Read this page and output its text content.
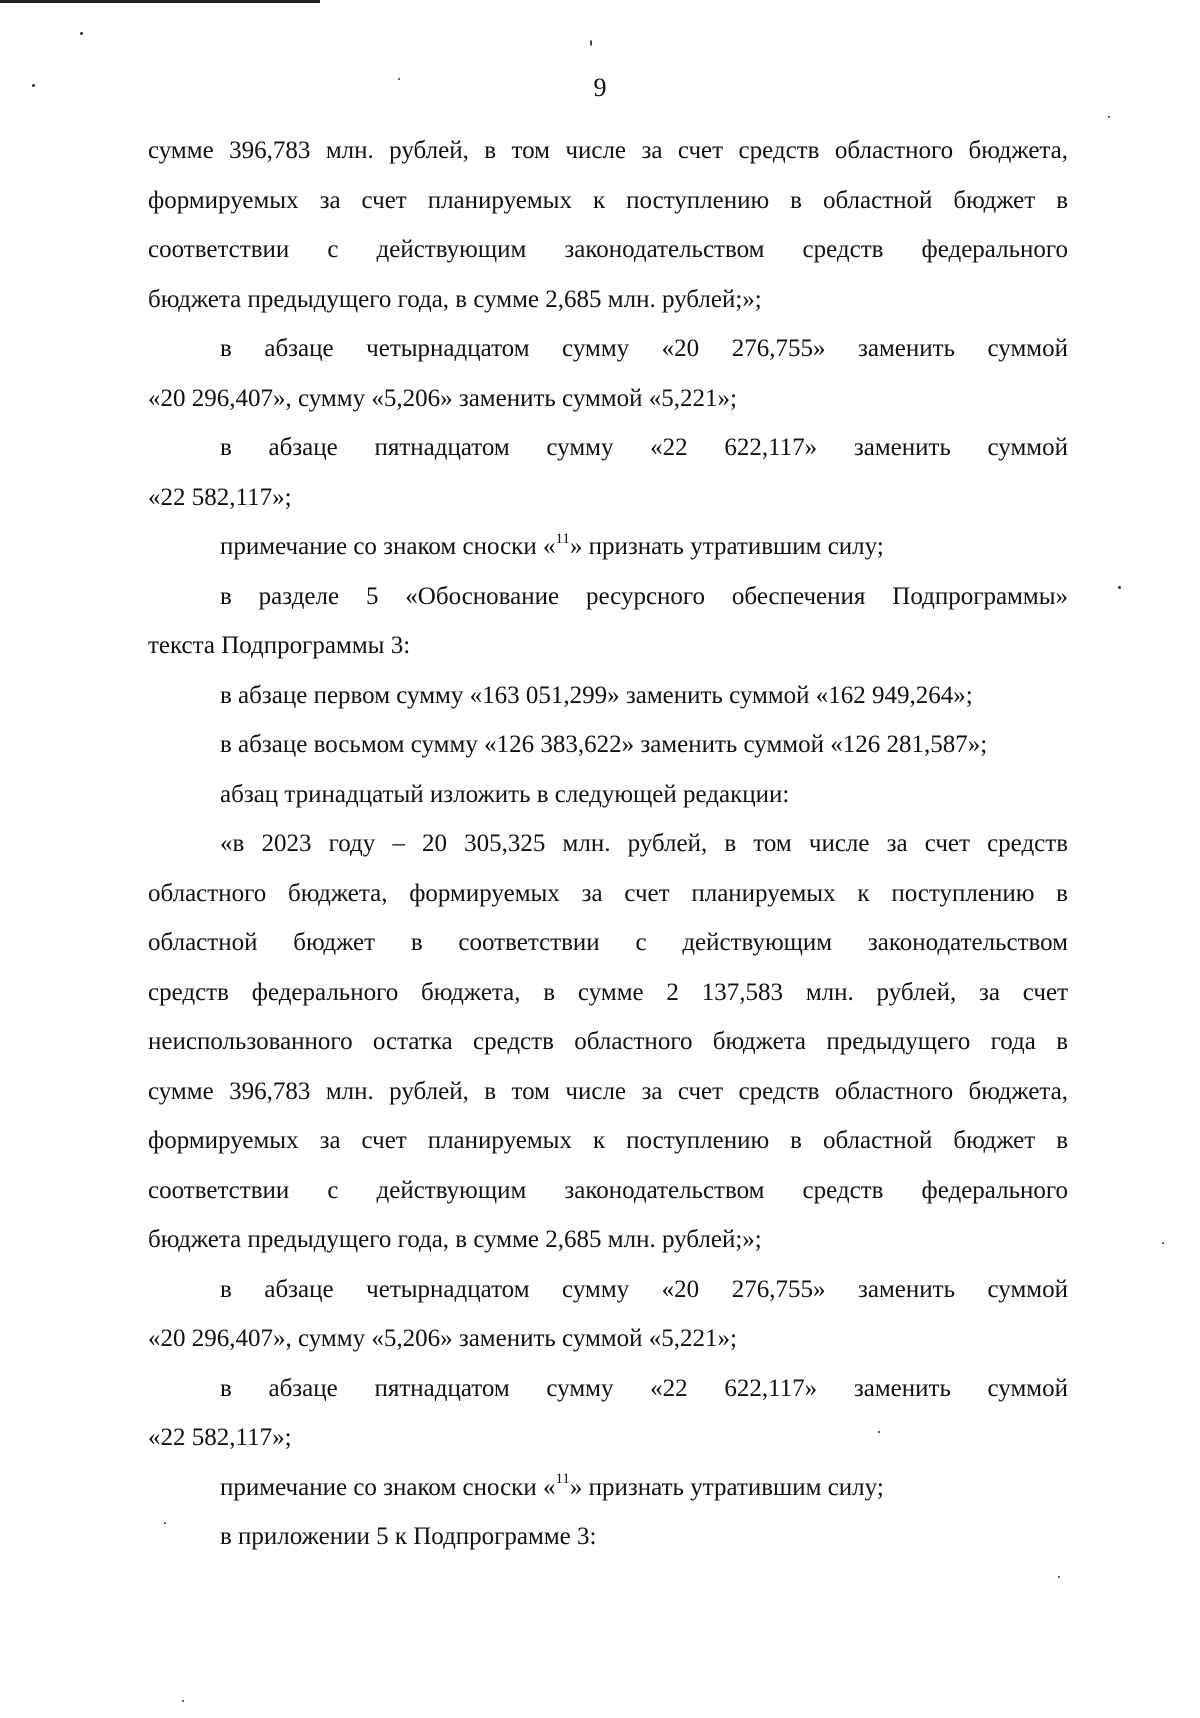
9
сумме 396,783 млн. рублей, в том числе за счет средств областного бюджета,
формируемых за счет планируемых к поступлению в областной бюджет в
соответствии с действующим законодательством средств федерального
бюджета предыдущего года, в сумме 2,685 млн. рублей;»;
в абзаце четырнадцатом сумму «20 276,755» заменить суммой
«20 296,407», сумму «5,206» заменить суммой «5,221»;
в абзаце пятнадцатом сумму «22 622,117» заменить суммой
«22 582,117»;
примечание со знаком сноски «$^{11}$» признать утратившим силу;
в разделе 5 «Обоснование ресурсного обеспечения Подпрограммы»
текста Подпрограммы 3:
в абзаце первом сумму «163 051,299» заменить суммой «162 949,264»;
в абзаце восьмом сумму «126 383,622» заменить суммой «126 281,587»;
абзац тринадцатый изложить в следующей редакции:
«в 2023 году – 20 305,325 млн. рублей, в том числе за счет средств
областного бюджета, формируемых за счет планируемых к поступлению в
областной бюджет в соответствии с действующим законодательством
средств федерального бюджета, в сумме 2 137,583 млн. рублей, за счет
неиспользованного остатка средств областного бюджета предыдущего года в
сумме 396,783 млн. рублей, в том числе за счет средств областного бюджета,
формируемых за счет планируемых к поступлению в областной бюджет в
соответствии с действующим законодательством средств федерального
бюджета предыдущего года, в сумме 2,685 млн. рублей;»;
в абзаце четырнадцатом сумму «20 276,755» заменить суммой
«20 296,407», сумму «5,206» заменить суммой «5,221»;
в абзаце пятнадцатом сумму «22 622,117» заменить суммой
«22 582,117»;
примечание со знаком сноски «$^{11}$» признать утратившим силу;
в приложении 5 к Подпрограмме 3:
